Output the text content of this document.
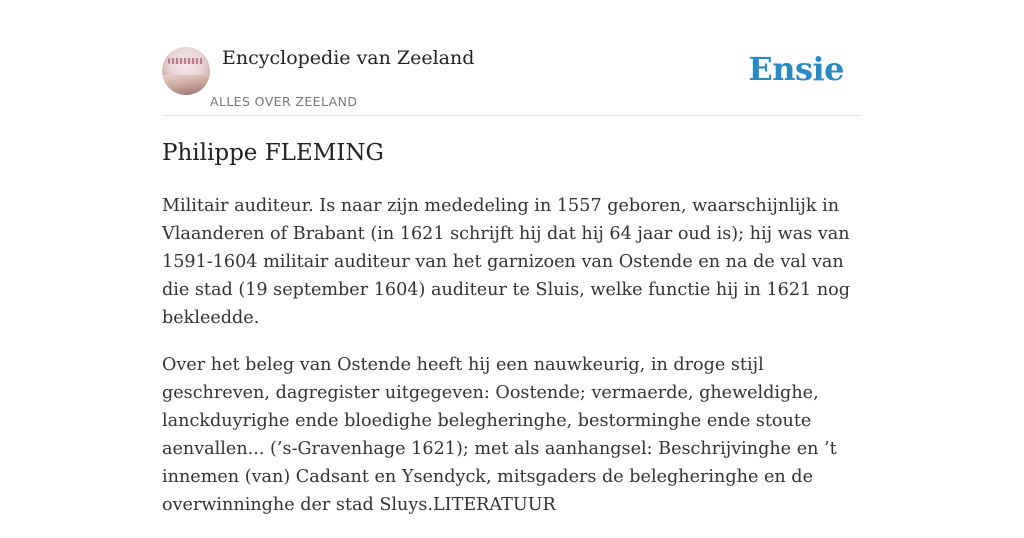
Encyclopedie van Zeeland
ALLES OVER ZEELAND
Ensie
Philippe FLEMING

Militair auditeur. Is naar zijn mededeling in 1557 geboren, waarschijnlijk in Vlaanderen of Brabant (in 1621 schrijft hij dat hij 64 jaar oud is); hij was van 1591-1604 militair auditeur van het garnizoen van Ostende en na de val van die stad (19 september 1604) auditeur te Sluis, welke functie hij in 1621 nog bekleedde.

Over het beleg van Ostende heeft hij een nauwkeurig, in droge stijl geschreven, dagregister uitgegeven: Oostende; vermaerde, gheweldighe, lanckduyrighe ende bloedighe belegheringhe, bestorminghe ende stoute aenvallen... (’s-Gravenhage 1621); met als aanhangsel: Beschrijvinghe en ’t innemen (van) Cadsant en Ysendyck, mitsgaders de belegheringhe en de overwinninghe der stad Sluys.LITERATUUR
